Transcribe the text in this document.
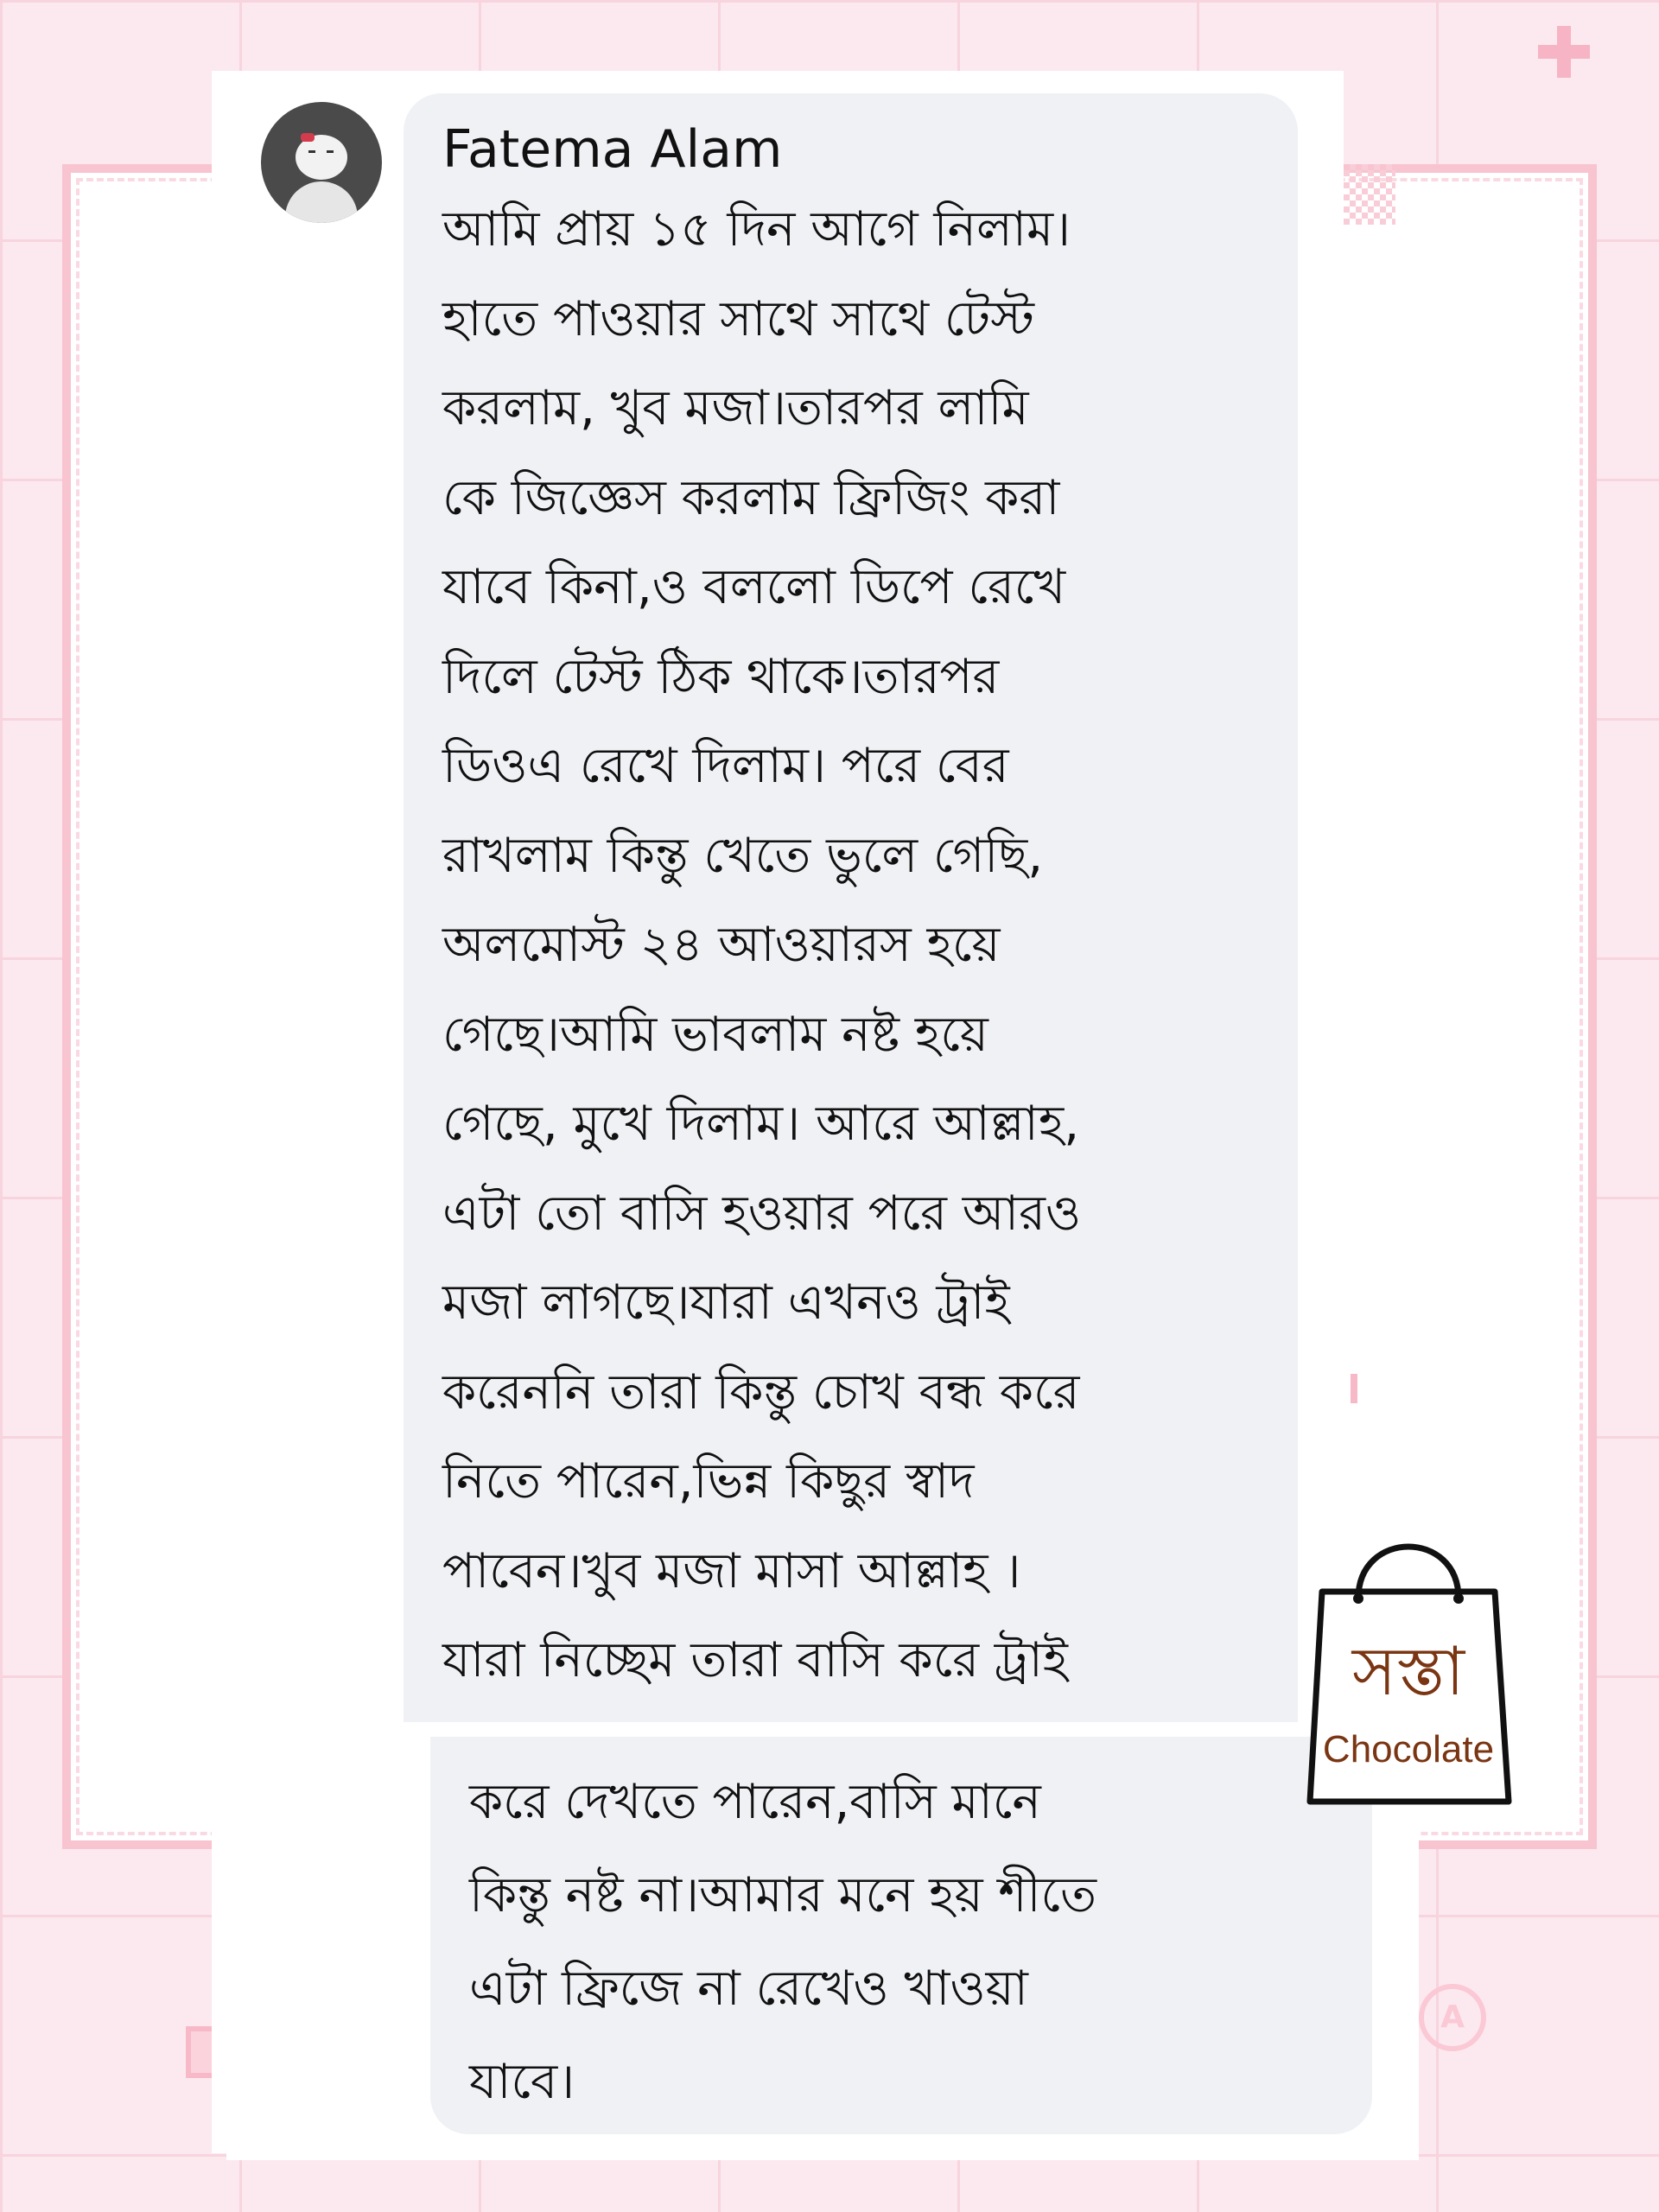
A
Fatema Alam
আমি প্রায় ১৫ দিন আগে নিলাম।
হাতে পাওয়ার সাথে সাথে টেস্ট
করলাম, খুব মজা।তারপর লামি
কে জিজ্ঞেস করলাম ফ্রিজিং করা
যাবে কিনা,ও বললো ডিপে রেখে
দিলে টেস্ট ঠিক থাকে।তারপর
ডিওএ রেখে দিলাম। পরে বের
রাখলাম কিন্তু খেতে ভুলে গেছি,
অলমোস্ট ২৪ আওয়ারস হয়ে
গেছে।আমি ভাবলাম নষ্ট হয়ে
গেছে, মুখে দিলাম। আরে আল্লাহ,
এটা তো বাসি হওয়ার পরে আরও
মজা লাগছে।যারা এখনও ট্রাই
করেননি তারা কিন্তু চোখ বন্ধ করে
নিতে পারেন,ভিন্ন কিছুর স্বাদ
পাবেন।খুব মজা মাসা আল্লাহ ।
যারা নিচ্ছেম তারা বাসি করে ট্রাই
করে দেখতে পারেন,বাসি মানে
কিন্তু নষ্ট না।আমার মনে হয় শীতে
এটা ফ্রিজে না রেখেও খাওয়া
যাবে।
সস্তা
Chocolate
